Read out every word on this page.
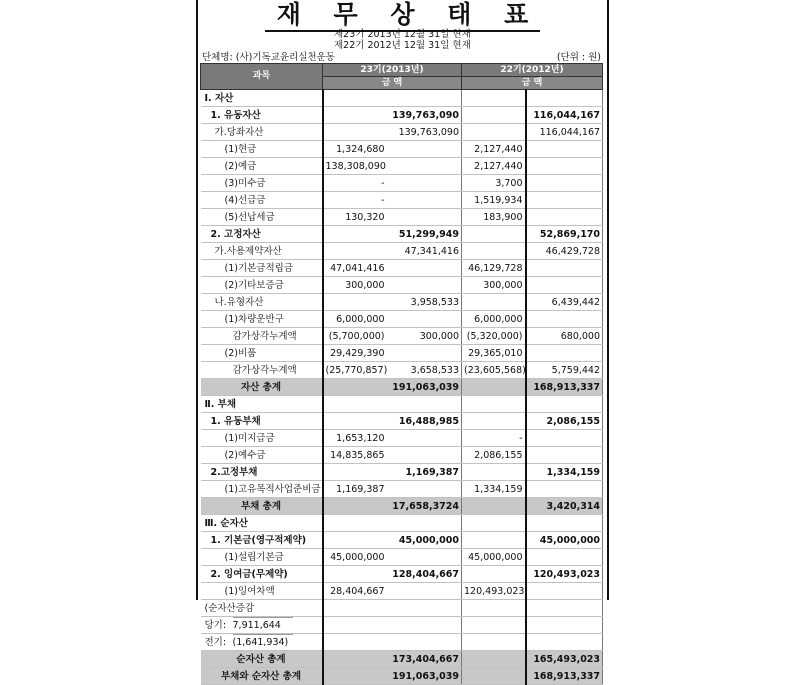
재 무 상 태 표
제23기 2013년 12월 31일 현재
제22기 2012년 12월 31일 현재
단체명: (사)기독교윤리실천운동	(단위 : 원)
과목	23기(2013년)		22기(2012년)	
	금 액		금 액	
Ⅰ. 자산				
1. 유동자산		139,763,090		116,044,167
가.당좌자산		139,763,090		116,044,167
(1)현금	1,324,680		2,127,440	
(2)예금	138,308,090		2,127,440	
(3)미수금	-		3,700	
(4)선급금	-		1,519,934	
(5)선납세금	130,320		183,900	
2. 고정자산		51,299,949		52,869,170
가.사용제약자산		47,341,416		46,429,728
(1)기본금적립금	47,041,416		46,129,728	
(2)기타보증금	300,000		300,000	
나.유형자산		3,958,533		6,439,442
(1)차량운반구	6,000,000		6,000,000	
감가상각누계액	(5,700,000)	300,000	(5,320,000)	680,000
(2)비품	29,429,390		29,365,010	
감가상각누계액	(25,770,857)	3,658,533	(23,605,568)	5,759,442
자산 총계		191,063,039		168,913,337
Ⅱ. 부채				
1. 유동부채		16,488,985		2,086,155
(1)미지급금	1,653,120		-	
(2)예수금	14,835,865		2,086,155	
2.고정부채		1,169,387		1,334,159
(1)고유목적사업준비금	1,169,387		1,334,159	
부채 총계		17,658,3724		3,420,314
Ⅲ. 순자산				
1. 기본금(영구적제약)		45,000,000		45,000,000
(1)설립기본금	45,000,000		45,000,000	
2. 잉여금(무제약)		128,404,667		120,493,023
(1)잉여차액	28,404,667		120,493,023	
(순자산증감				
당기: 7,911,644				
전기: (1,641,934)				
순자산 총계		173,404,667		165,493,023
부채와 순자산 총계		191,063,039		168,913,337
